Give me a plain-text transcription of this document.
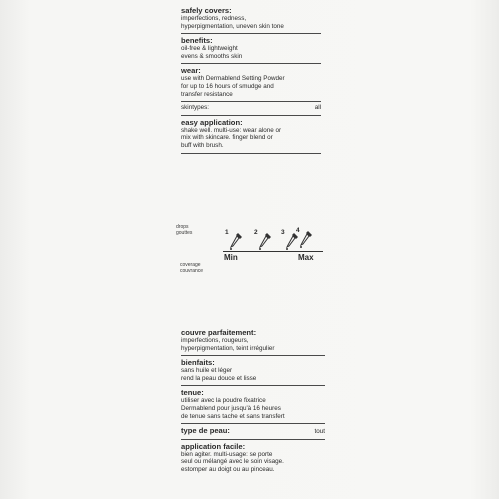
safely covers:
imperfections, redness,
hyperpigmentation, uneven skin tone
benefits:
oil-free & lightweight
evens & smooths skin
wear:
use with Dermablend Setting Powder
for up to 16 hours of smudge and
transfer resistance
skintypes:	all
easy application:
shake well. multi-use: wear alone or
mix with skincare. finger blend or
buff with brush.
drops
gouttes	1	2	3 4
Min	Max
coverage
couvrance
couvre parfaitement:
imperfections, rougeurs,
hyperpigmentation, teint irrégulier
bienfaits:
sans huile et léger
rend la peau douce et lisse
tenue:
utiliser avec la poudre fixatrice
Dermablend pour jusqu'à 16 heures
de tenue sans tache et sans transfert
type de peau:	tout
application facile:
bien agiter. multi-usage: se porte
seul ou mélangé avec le soin visage.
estomper au doigt ou au pinceau.
